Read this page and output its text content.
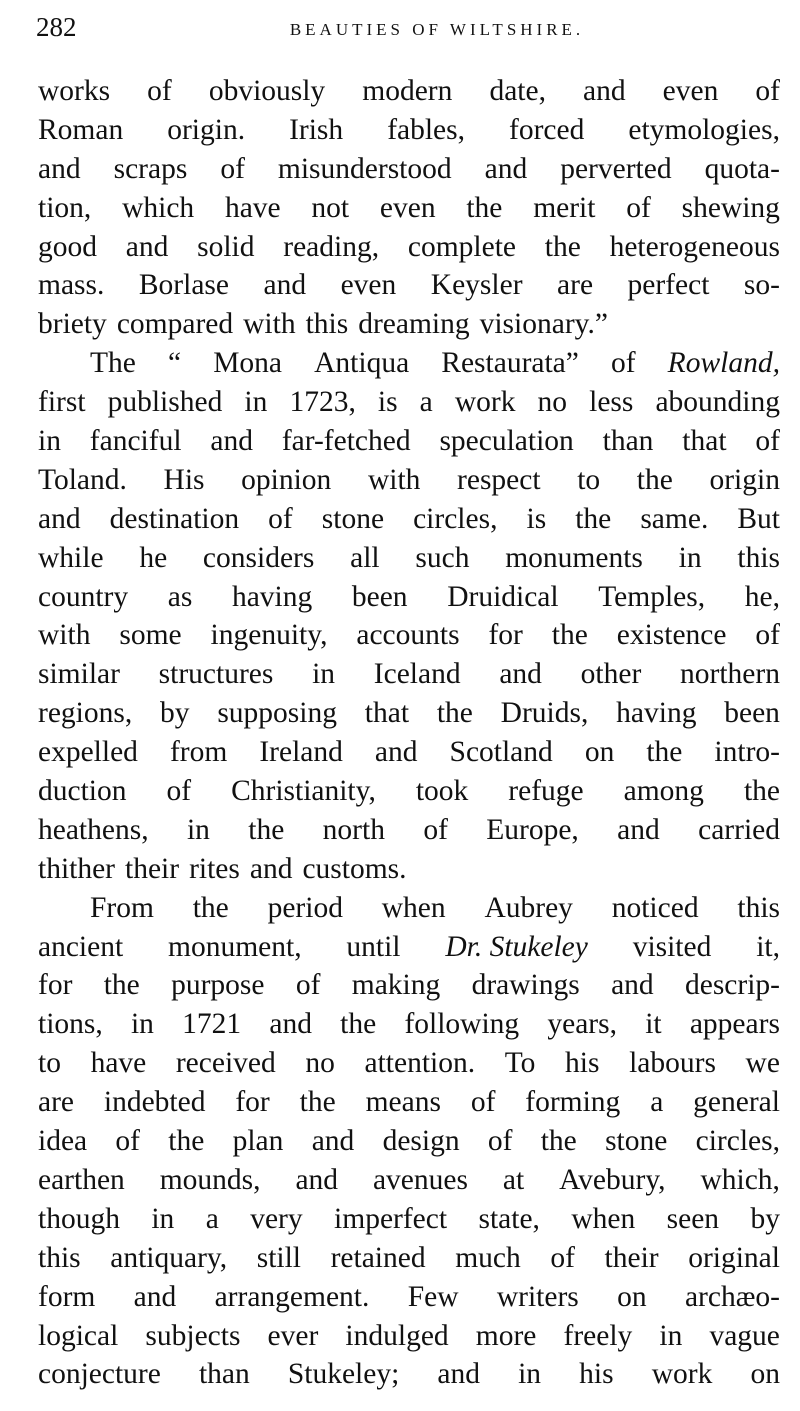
282	BEAUTIES OF WILTSHIRE.
works of obviously modern date, and even of
Roman origin. Irish fables, forced etymologies,
and scraps of misunderstood and perverted quota-
tion, which have not even the merit of shewing
good and solid reading, complete the heterogeneous
mass. Borlase and even Keysler are perfect so-
briety compared with this dreaming visionary.”
The “ Mona Antiqua Restaurata” of Rowland,
first published in 1723, is a work no less abounding
in fanciful and far-fetched speculation than that of
Toland. His opinion with respect to the origin
and destination of stone circles, is the same. But
while he considers all such monuments in this
country as having been Druidical Temples, he,
with some ingenuity, accounts for the existence of
similar structures in Iceland and other northern
regions, by supposing that the Druids, having been
expelled from Ireland and Scotland on the intro-
duction of Christianity, took refuge among the
heathens, in the north of Europe, and carried
thither their rites and customs.
From the period when Aubrey noticed this
ancient monument, until Dr. Stukeley visited it,
for the purpose of making drawings and descrip-
tions, in 1721 and the following years, it appears
to have received no attention. To his labours we
are indebted for the means of forming a general
idea of the plan and design of the stone circles,
earthen mounds, and avenues at Avebury, which,
though in a very imperfect state, when seen by
this antiquary, still retained much of their original
form and arrangement. Few writers on archæo-
logical subjects ever indulged more freely in vague
conjecture than Stukeley; and in his work on
